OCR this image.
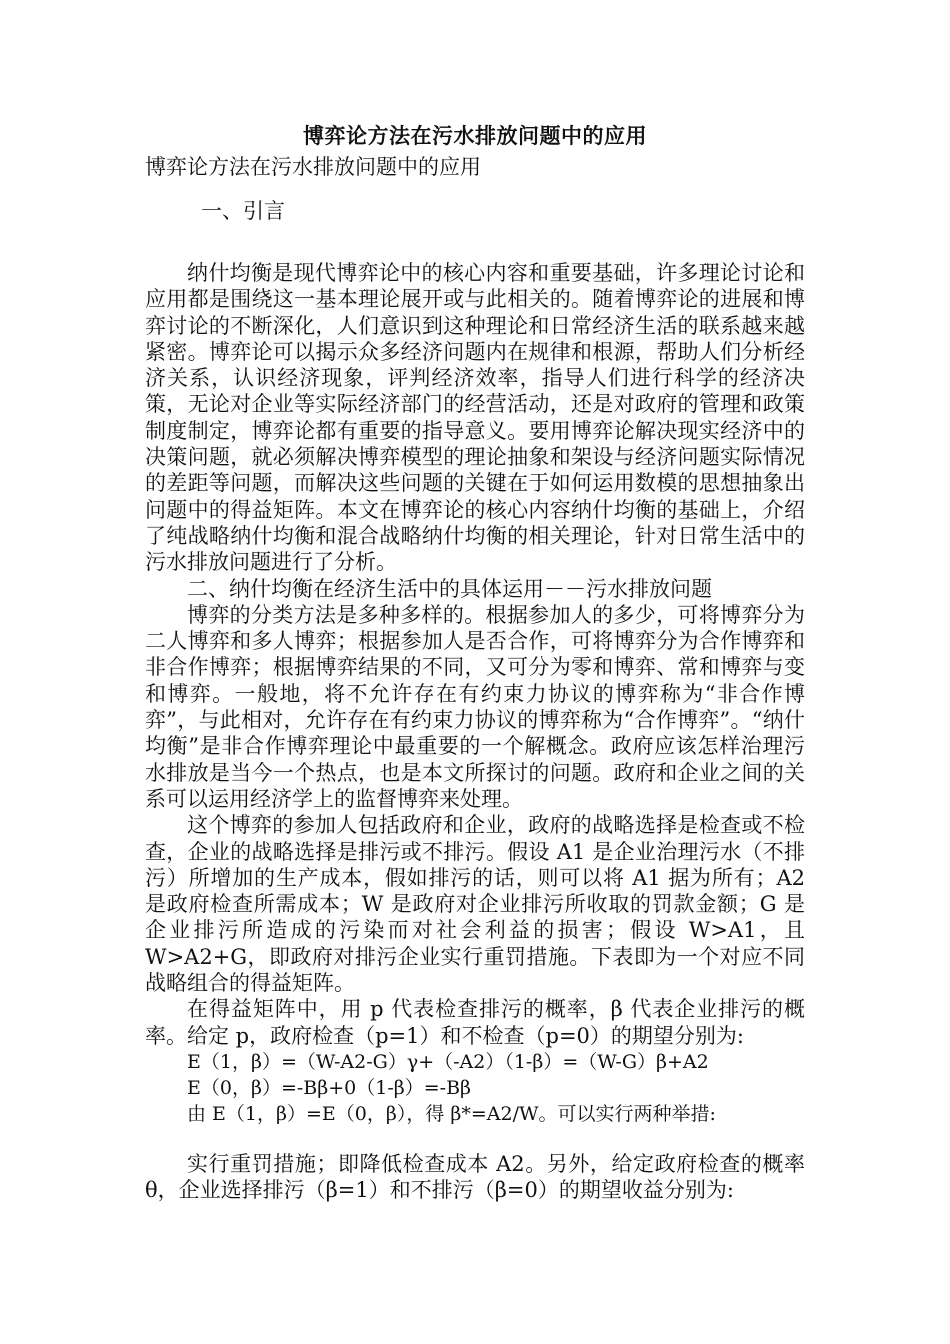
博弈论方法在污水排放问题中的应用

博弈论方法在污水排放问题中的应用

一、引言

纳什均衡是现代博弈论中的核心内容和重要基础，许多理论讨论和应用都是围绕这一基本理论展开或与此相关的。随着博弈论的进展和博弈讨论的不断深化，人们意识到这种理论和日常经济生活的联系越来越紧密。博弈论可以揭示众多经济问题内在规律和根源，帮助人们分析经济关系，认识经济现象，评判经济效率，指导人们进行科学的经济决策，无论对企业等实际经济部门的经营活动，还是对政府的管理和政策制度制定，博弈论都有重要的指导意义。要用博弈论解决现实经济中的决策问题，就必须解决博弈模型的理论抽象和架设与经济问题实际情况的差距等问题，而解决这些问题的关键在于如何运用数模的思想抽象出问题中的得益矩阵。本文在博弈论的核心内容纳什均衡的基础上，介绍了纯战略纳什均衡和混合战略纳什均衡的相关理论，针对日常生活中的污水排放问题进行了分析。

二、纳什均衡在经济生活中的具体运用－－污水排放问题

博弈的分类方法是多种多样的。根据参加人的多少，可将博弈分为二人博弈和多人博弈；根据参加人是否合作，可将博弈分为合作博弈和非合作博弈；根据博弈结果的不同，又可分为零和博弈、常和博弈与变和博弈。一般地，将不允许存在有约束力协议的博弈称为“非合作博弈”，与此相对，允许存在有约束力协议的博弈称为“合作博弈”。“纳什均衡”是非合作博弈理论中最重要的一个解概念。政府应该怎样治理污水排放是当今一个热点，也是本文所探讨的问题。政府和企业之间的关系可以运用经济学上的监督博弈来处理。

这个博弈的参加人包括政府和企业，政府的战略选择是检查或不检查，企业的战略选择是排污或不排污。假设 A1 是企业治理污水（不排污）所增加的生产成本，假如排污的话，则可以将 A1 据为所有；A2 是政府检查所需成本；W 是政府对企业排污所收取的罚款金额；G 是企业排污所造成的污染而对社会利益的损害；假设 W>A1，且 W>A2+G，即政府对排污企业实行重罚措施。下表即为一个对应不同战略组合的得益矩阵。

在得益矩阵中，用 p 代表检查排污的概率，β 代表企业排污的概率。给定 p，政府检查（p=1）和不检查（p=0）的期望分别为:

E（1，β）=（W-A2-G）γ+（-A2）（1-β）=（W-G）β+A2

E（0，β）=-Bβ+0（1-β）=-Bβ

由 E（1，β）=E（0，β），得 β*=A2/W。可以实行两种举措:

实行重罚措施；即降低检查成本 A2。另外，给定政府检查的概率 θ，企业选择排污（β=1）和不排污（β=0）的期望收益分别为:
